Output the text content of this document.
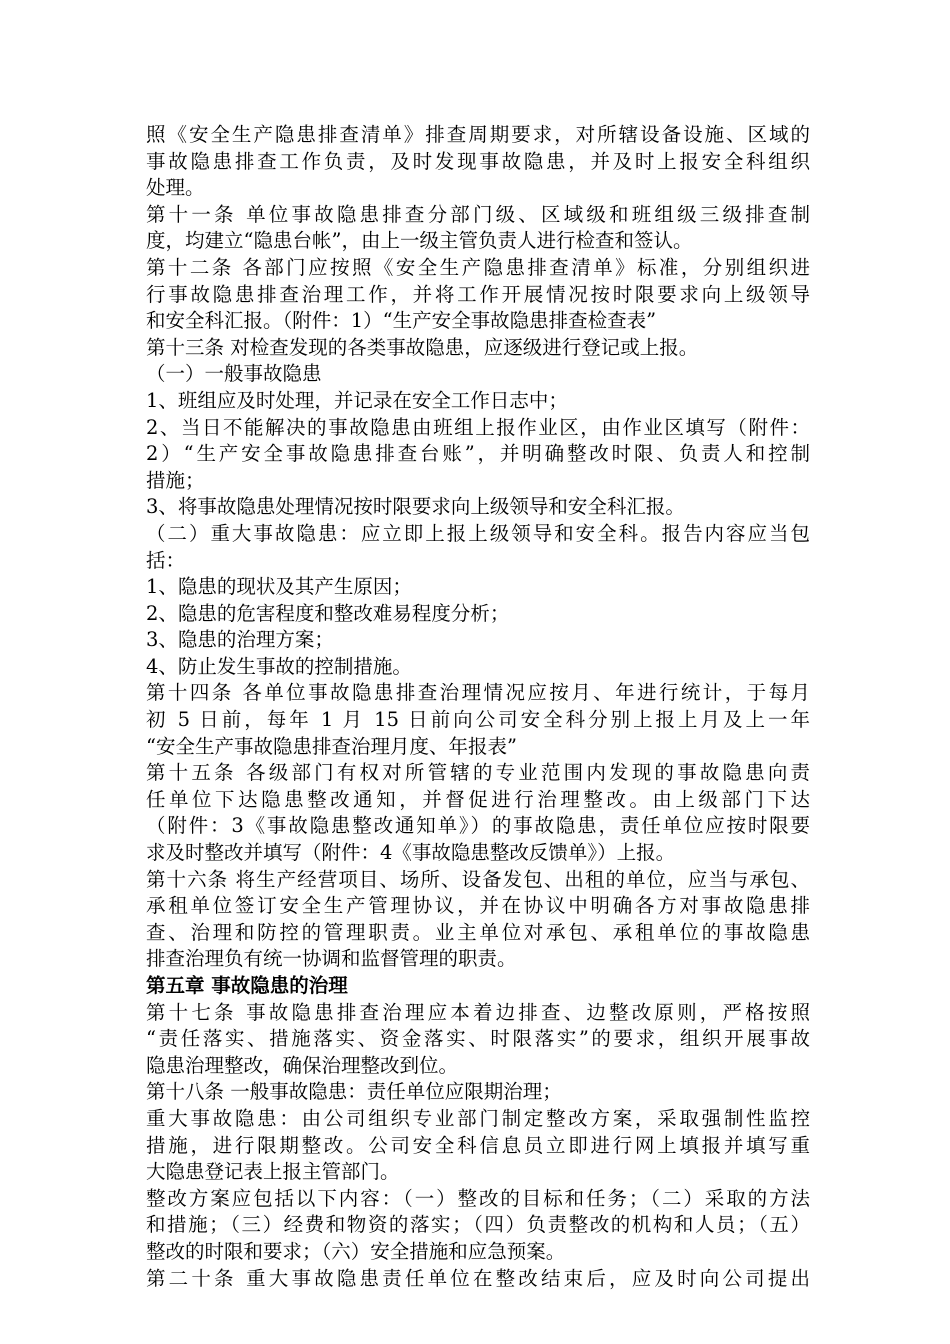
照《安全生产隐患排查清单》排查周期要求，对所辖设备设施、区域的
事故隐患排查工作负责，及时发现事故隐患，并及时上报安全科组织
处理。
第十一条 单位事故隐患排查分部门级、区域级和班组级三级排查制
度，均建立“隐患台帐”，由上一级主管负责人进行检查和签认。
第十二条 各部门应按照《安全生产隐患排查清单》标准，分别组织进
行事故隐患排查治理工作，并将工作开展情况按时限要求向上级领导
和安全科汇报。（附件：1）“生产安全事故隐患排查检查表”
第十三条 对检查发现的各类事故隐患，应逐级进行登记或上报。
（一）一般事故隐患
1、班组应及时处理，并记录在安全工作日志中；
2、当日不能解决的事故隐患由班组上报作业区，由作业区填写（附件：
2）“生产安全事故隐患排查台账”，并明确整改时限、负责人和控制
措施；
3、将事故隐患处理情况按时限要求向上级领导和安全科汇报。
（二）重大事故隐患：应立即上报上级领导和安全科。报告内容应当包
括：
1、隐患的现状及其产生原因；
2、隐患的危害程度和整改难易程度分析；
3、隐患的治理方案；
4、防止发生事故的控制措施。
第十四条 各单位事故隐患排查治理情况应按月、年进行统计，于每月
初 5 日前，每年 1 月 15 日前向公司安全科分别上报上月及上一年
“安全生产事故隐患排查治理月度、年报表”
第十五条 各级部门有权对所管辖的专业范围内发现的事故隐患向责
任单位下达隐患整改通知，并督促进行治理整改。由上级部门下达
（附件：3《事故隐患整改通知单》）的事故隐患，责任单位应按时限要
求及时整改并填写（附件：4《事故隐患整改反馈单》）上报。
第十六条 将生产经营项目、场所、设备发包、出租的单位，应当与承包、
承租单位签订安全生产管理协议，并在协议中明确各方对事故隐患排
查、治理和防控的管理职责。业主单位对承包、承租单位的事故隐患
排查治理负有统一协调和监督管理的职责。
第五章 事故隐患的治理
第十七条 事故隐患排查治理应本着边排查、边整改原则，严格按照
“责任落实、措施落实、资金落实、时限落实”的要求，组织开展事故
隐患治理整改，确保治理整改到位。
第十八条 一般事故隐患：责任单位应限期治理；
重大事故隐患：由公司组织专业部门制定整改方案，采取强制性监控
措施，进行限期整改。公司安全科信息员立即进行网上填报并填写重
大隐患登记表上报主管部门。
整改方案应包括以下内容：（一）整改的目标和任务；（二）采取的方法
和措施；（三）经费和物资的落实；（四）负责整改的机构和人员；（五）
整改的时限和要求；（六）安全措施和应急预案。
第二十条 重大事故隐患责任单位在整改结束后，应及时向公司提出
